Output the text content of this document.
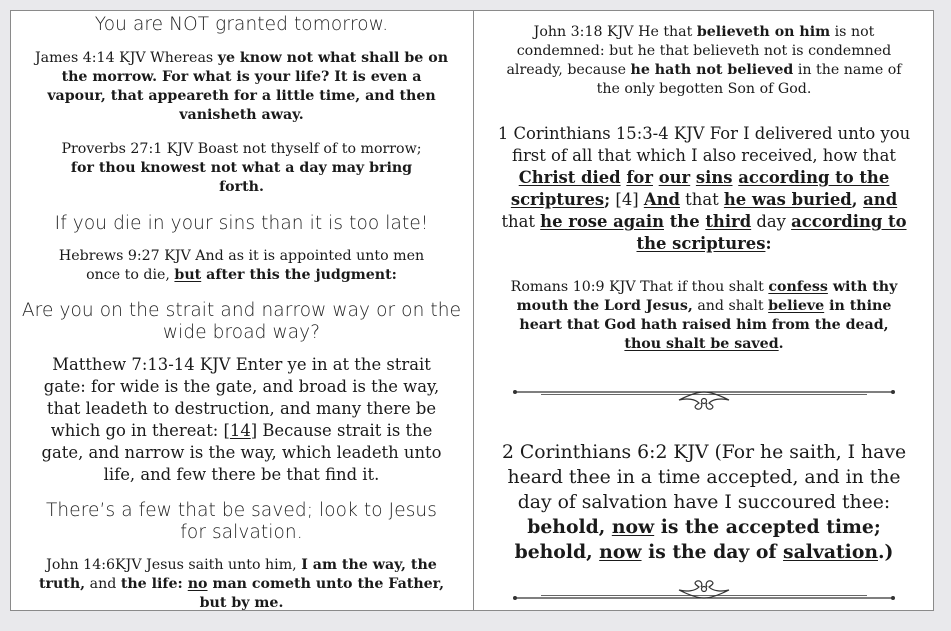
You are NOT granted tomorrow.

James 4:14 KJV Whereas ye know not what shall be on the morrow. For what is your life? It is even a vapour, that appeareth for a little time, and then vanisheth away.

Proverbs 27:1 KJV Boast not thyself of to morrow; for thou knowest not what a day may bring forth.

If you die in your sins than it is too late!

Hebrews 9:27 KJV And as it is appointed unto men once to die, but after this the judgment:

Are you on the strait and narrow way or on the wide broad way?

Matthew 7:13-14 KJV Enter ye in at the strait gate: for wide is the gate, and broad is the way, that leadeth to destruction, and many there be which go in thereat: [14] Because strait is the gate, and narrow is the way, which leadeth unto life, and few there be that find it.

There’s a few that be saved; look to Jesus for salvation.

John 14:6KJV Jesus saith unto him, I am the way, the truth, and the life: no man cometh unto the Father, but by me.

John 3:18 KJV He that believeth on him is not condemned: but he that believeth not is condemned already, because he hath not believed in the name of the only begotten Son of God.

1 Corinthians 15:3-4 KJV For I delivered unto you first of all that which I also received, how that Christ died for our sins according to the scriptures; [4] And that he was buried, and that he rose again the third day according to the scriptures:

Romans 10:9 KJV That if thou shalt confess with thy mouth the Lord Jesus, and shalt believe in thine heart that God hath raised him from the dead, thou shalt be saved.

2 Corinthians 6:2 KJV (For he saith, I have heard thee in a time accepted, and in the day of salvation have I succoured thee: behold, now is the accepted time; behold, now is the day of salvation.)
